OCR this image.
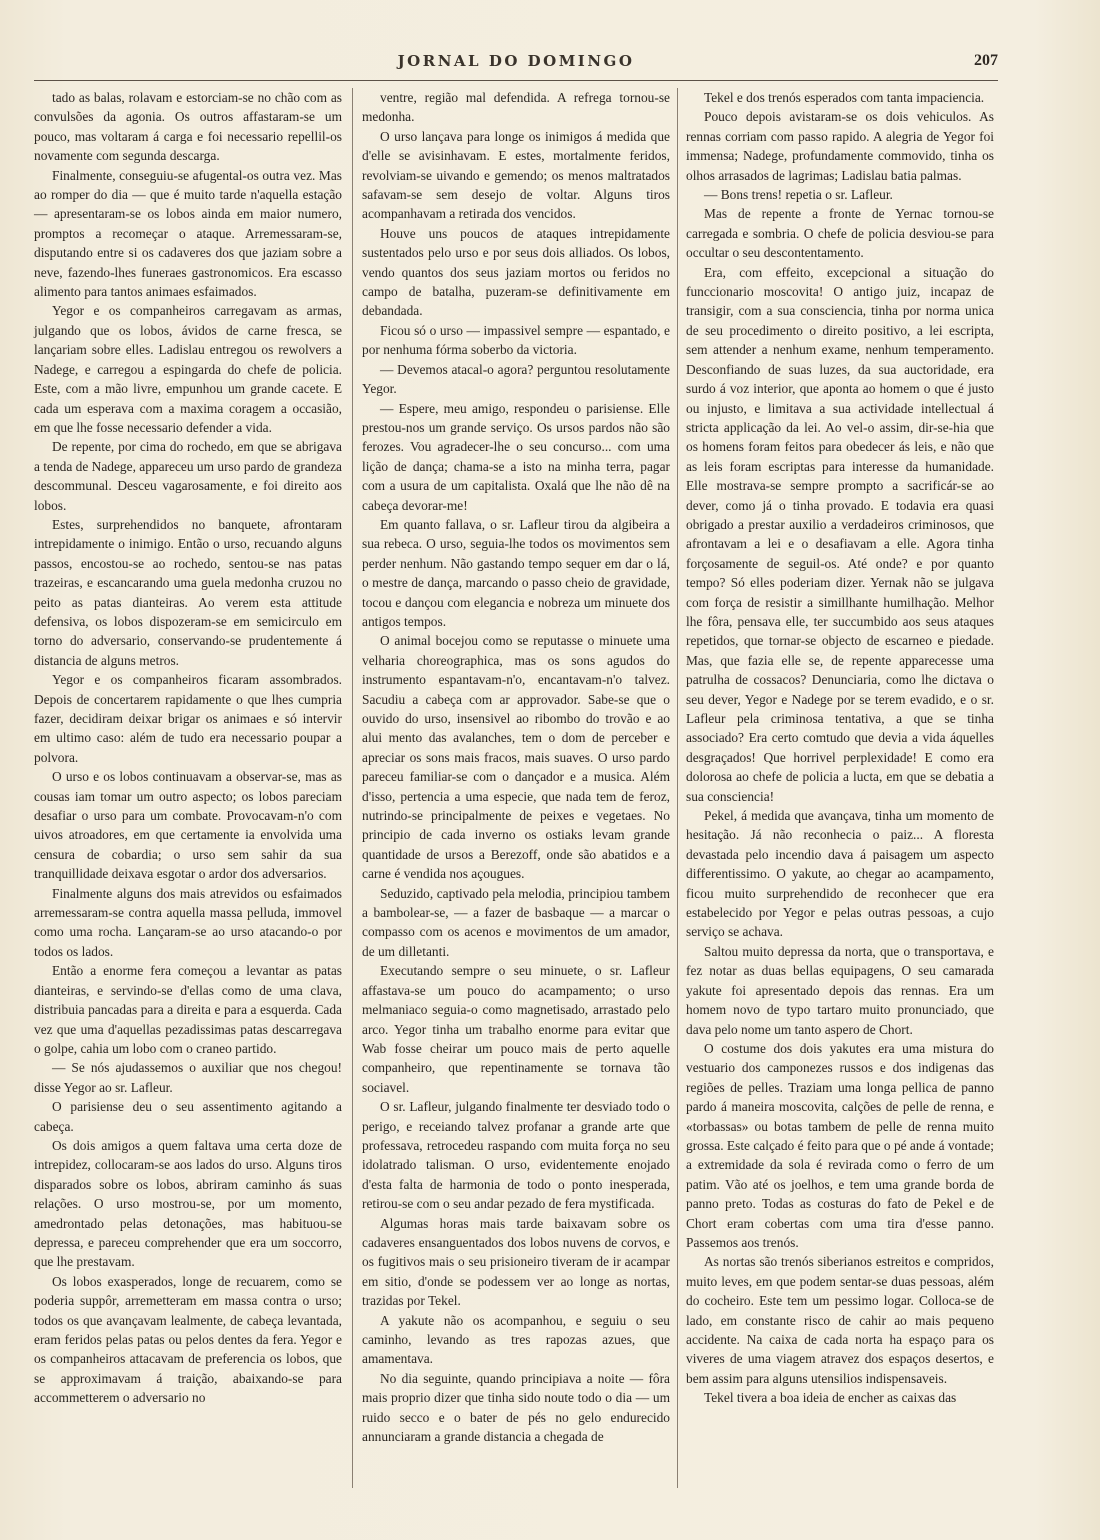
JORNAL DO DOMINGO	207

tado as balas, rolavam e estorciam-se no chão com as convulsões da agonia. Os outros affastaram-se um pouco, mas voltaram á carga e foi necessario repellil-os novamente com segunda descarga.

Finalmente, conseguiu-se afugental-os outra vez. Mas ao romper do dia — que é muito tarde n'aquella estação — apresentaram-se os lobos ainda em maior numero, promptos a recomeçar o ataque. Arremessaram-se, disputando entre si os cadaveres dos que jaziam sobre a neve, fazendo-lhes funeraes gastronomicos. Era escasso alimento para tantos animaes esfaimados.

Yegor e os companheiros carregavam as armas, julgando que os lobos, ávidos de carne fresca, se lançariam sobre elles. Ladislau entregou os rewolvers a Nadege, e carregou a espingarda do chefe de policia. Este, com a mão livre, empunhou um grande cacete. E cada um esperava com a maxima coragem a occasião, em que lhe fosse necessario defender a vida.

De repente, por cima do rochedo, em que se abrigava a tenda de Nadege, appareceu um urso pardo de grandeza descommunal. Desceu vagarosamente, e foi direito aos lobos.

Estes, surprehendidos no banquete, afrontaram intrepidamente o inimigo. Então o urso, recuando alguns passos, encostou-se ao rochedo, sentou-se nas patas trazeiras, e escancarando uma guela medonha cruzou no peito as patas dianteiras. Ao verem esta attitude defensiva, os lobos dispozeram-se em semicirculo em torno do adversario, conservando-se prudentemente á distancia de alguns metros.

Yegor e os companheiros ficaram assombrados. Depois de concertarem rapidamente o que lhes cumpria fazer, decidiram deixar brigar os animaes e só intervir em ultimo caso: além de tudo era necessario poupar a polvora.

O urso e os lobos continuavam a observar-se, mas as cousas iam tomar um outro aspecto; os lobos pareciam desafiar o urso para um combate. Provocavam-n'o com uivos atroadores, em que certamente ia envolvida uma censura de cobardia; o urso sem sahir da sua tranquillidade deixava esgotar o ardor dos adversarios.

Finalmente alguns dos mais atrevidos ou esfaimados arremessaram-se contra aquella massa pelluda, immovel como uma rocha. Lançaram-se ao urso atacando-o por todos os lados.

Então a enorme fera começou a levantar as patas dianteiras, e servindo-se d'ellas como de uma clava, distribuia pancadas para a direita e para a esquerda. Cada vez que uma d'aquellas pezadissimas patas descarregava o golpe, cahia um lobo com o craneo partido.

— Se nós ajudassemos o auxiliar que nos chegou! disse Yegor ao sr. Lafleur.

O parisiense deu o seu assentimento agitando a cabeça.

Os dois amigos a quem faltava uma certa doze de intrepidez, collocaram-se aos lados do urso. Alguns tiros disparados sobre os lobos, abriram caminho ás suas relações. O urso mostrou-se, por um momento, amedrontado pelas detonações, mas habituou-se depressa, e pareceu comprehender que era um soccorro, que lhe prestavam.

Os lobos exasperados, longe de recuarem, como se poderia suppôr, arremetteram em massa contra o urso; todos os que avançavam lealmente, de cabeça levantada, eram feridos pelas patas ou pelos dentes da fera. Yegor e os companheiros attacavam de preferencia os lobos, que se approximavam á traição, abaixando-se para accommetterem o adversario no

ventre, região mal defendida. A refrega tornou-se medonha.

O urso lançava para longe os inimigos á medida que d'elle se avisinhavam. E estes, mortalmente feridos, revolviam-se uivando e gemendo; os menos maltratados safavam-se sem desejo de voltar. Alguns tiros acompanhavam a retirada dos vencidos.

Houve uns poucos de ataques intrepidamente sustentados pelo urso e por seus dois alliados. Os lobos, vendo quantos dos seus jaziam mortos ou feridos no campo de batalha, puzeram-se definitivamente em debandada.

Ficou só o urso — impassivel sempre — espantado, e por nenhuma fórma soberbo da victoria.

— Devemos atacal-o agora? perguntou resolutamente Yegor.

— Espere, meu amigo, respondeu o parisiense. Elle prestou-nos um grande serviço. Os ursos pardos não são ferozes. Vou agradecer-lhe o seu concurso... com uma lição de dança; chama-se a isto na minha terra, pagar com a usura de um capitalista. Oxalá que lhe não dê na cabeça devorar-me!

Em quanto fallava, o sr. Lafleur tirou da algibeira a sua rebeca. O urso, seguia-lhe todos os movimentos sem perder nenhum. Não gastando tempo sequer em dar o lá, o mestre de dança, marcando o passo cheio de gravidade, tocou e dançou com elegancia e nobreza um minuete dos antigos tempos.

O animal bocejou como se reputasse o minuete uma velharia choreographica, mas os sons agudos do instrumento espantavam-n'o, encantavam-n'o talvez. Sacudiu a cabeça com ar approvador. Sabe-se que o ouvido do urso, insensivel ao ribombo do trovão e ao alui mento das avalanches, tem o dom de perceber e apreciar os sons mais fracos, mais suaves. O urso pardo pareceu familiar-se com o dançador e a musica. Além d'isso, pertencia a uma especie, que nada tem de feroz, nutrindo-se principalmente de peixes e vegetaes. No principio de cada inverno os ostiaks levam grande quantidade de ursos a Berezoff, onde são abatidos e a carne é vendida nos açougues.

Seduzido, captivado pela melodia, principiou tambem a bambolear-se, — a fazer de basbaque — a marcar o compasso com os acenos e movimentos de um amador, de um dilletanti.

Executando sempre o seu minuete, o sr. Lafleur affastava-se um pouco do acampamento; o urso melmaniaco seguia-o como magnetisado, arrastado pelo arco. Yegor tinha um trabalho enorme para evitar que Wab fosse cheirar um pouco mais de perto aquelle companheiro, que repentinamente se tornava tão sociavel.

O sr. Lafleur, julgando finalmente ter desviado todo o perigo, e receiando talvez profanar a grande arte que professava, retrocedeu raspando com muita força no seu idolatrado talisman. O urso, evidentemente enojado d'esta falta de harmonia de todo o ponto inesperada, retirou-se com o seu andar pezado de fera mystificada.

Algumas horas mais tarde baixavam sobre os cadaveres ensanguentados dos lobos nuvens de corvos, e os fugitivos mais o seu prisioneiro tiveram de ir acampar em sitio, d'onde se podessem ver ao longe as nortas, trazidas por Tekel.

A yakute não os acompanhou, e seguiu o seu caminho, levando as tres rapozas azues, que amamentava.

No dia seguinte, quando principiava a noite — fôra mais proprio dizer que tinha sido noute todo o dia — um ruido secco e o bater de pés no gelo endurecido annunciaram a grande distancia a chegada de

Tekel e dos trenós esperados com tanta impaciencia.

Pouco depois avistaram-se os dois vehiculos. As rennas corriam com passo rapido. A alegria de Yegor foi immensa; Nadege, profundamente commovido, tinha os olhos arrasados de lagrimas; Ladislau batia palmas.

— Bons trens! repetia o sr. Lafleur.

Mas de repente a fronte de Yernac tornou-se carregada e sombria. O chefe de policia desviou-se para occultar o seu descontentamento.

Era, com effeito, excepcional a situação do funccionario moscovita! O antigo juiz, incapaz de transigir, com a sua consciencia, tinha por norma unica de seu procedimento o direito positivo, a lei escripta, sem attender a nenhum exame, nenhum temperamento. Desconfiando de suas luzes, da sua auctoridade, era surdo á voz interior, que aponta ao homem o que é justo ou injusto, e limitava a sua actividade intellectual á stricta applicação da lei. Ao vel-o assim, dir-se-hia que os homens foram feitos para obedecer ás leis, e não que as leis foram escriptas para interesse da humanidade. Elle mostrava-se sempre prompto a sacrificár-se ao dever, como já o tinha provado. E todavia era quasi obrigado a prestar auxilio a verdadeiros criminosos, que afrontavam a lei e o desafiavam a elle. Agora tinha forçosamente de seguil-os. Até onde? e por quanto tempo? Só elles poderiam dizer. Yernak não se julgava com força de resistir a simillhante humilhação. Melhor lhe fôra, pensava elle, ter succumbido aos seus ataques repetidos, que tornar-se objecto de escarneo e piedade. Mas, que fazia elle se, de repente apparecesse uma patrulha de cossacos? Denunciaria, como lhe dictava o seu dever, Yegor e Nadege por se terem evadido, e o sr. Lafleur pela criminosa tentativa, a que se tinha associado? Era certo comtudo que devia a vida áquelles desgraçados! Que horrivel perplexidade! E como era dolorosa ao chefe de policia a lucta, em que se debatia a sua consciencia!

Pekel, á medida que avançava, tinha um momento de hesitação. Já não reconhecia o paiz... A floresta devastada pelo incendio dava á paisagem um aspecto differentissimo. O yakute, ao chegar ao acampamento, ficou muito surprehendido de reconhecer que era estabelecido por Yegor e pelas outras pessoas, a cujo serviço se achava.

Saltou muito depressa da norta, que o transportava, e fez notar as duas bellas equipagens, O seu camarada yakute foi apresentado depois das rennas. Era um homem novo de typo tartaro muito pronunciado, que dava pelo nome um tanto aspero de Chort.

O costume dos dois yakutes era uma mistura do vestuario dos camponezes russos e dos indigenas das regiões de pelles. Traziam uma longa pellica de panno pardo á maneira moscovita, calções de pelle de renna, e «torbassas» ou botas tambem de pelle de renna muito grossa. Este calçado é feito para que o pé ande á vontade; a extremidade da sola é revirada como o ferro de um patim. Vão até os joelhos, e tem uma grande borda de panno preto. Todas as costuras do fato de Pekel e de Chort eram cobertas com uma tira d'esse panno. Passemos aos trenós.

As nortas são trenós siberianos estreitos e compridos, muito leves, em que podem sentar-se duas pessoas, além do cocheiro. Este tem um pessimo logar. Colloca-se de lado, em constante risco de cahir ao mais pequeno accidente. Na caixa de cada norta ha espaço para os viveres de uma viagem atravez dos espaços desertos, e bem assim para alguns utensilios indispensaveis.

Tekel tivera a boa ideia de encher as caixas das
